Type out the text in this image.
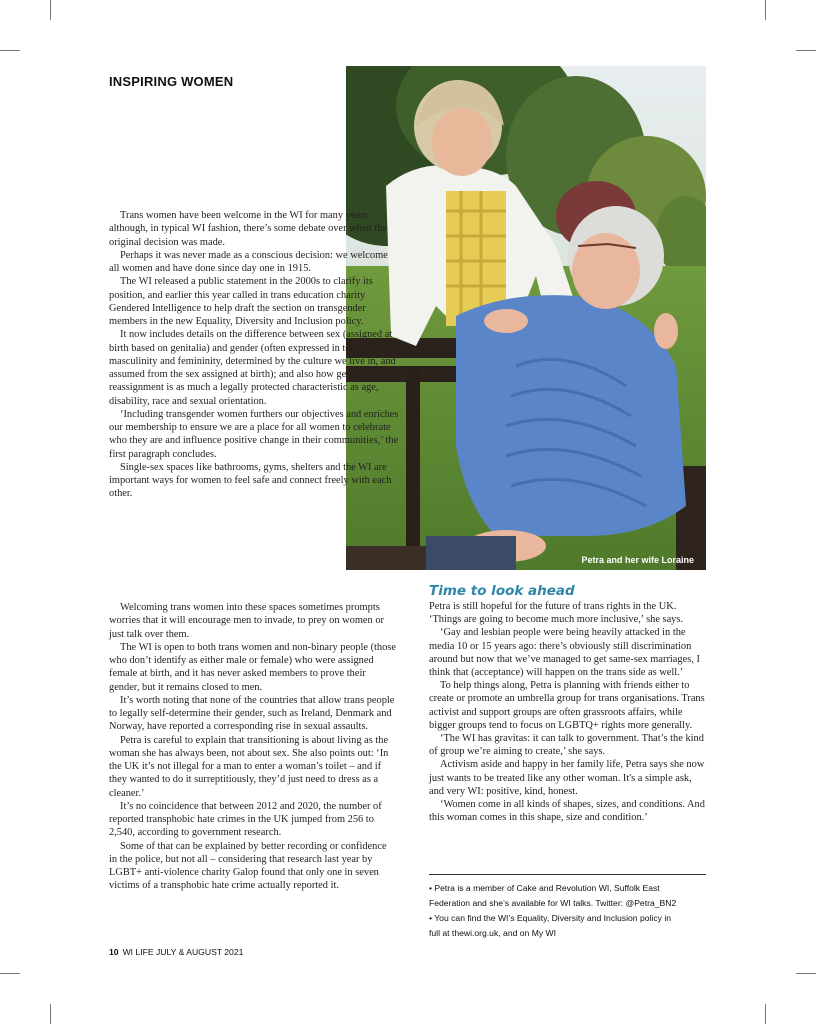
INSPIRING WOMEN
Petra and her wife Loraine

Trans women have been welcome in the WI for many years although, in typical WI fashion, there’s some debate over when the original decision was made.

Perhaps it was never made as a conscious decision: we welcome all women and have done since day one in 1915.

The WI released a public statement in the 2000s to clarify its position, and earlier this year called in trans education charity Gendered Intelligence to help draft the section on transgender members in the new Equality, Diversity and Inclusion policy.

It now includes details on the difference between sex (assigned at birth based on genitalia) and gender (often expressed in terms of masculinity and femininity, determined by the culture we live in, and assumed from the sex assigned at birth); and also how gender reassignment is as much a legally protected characteristic as age, disability, race and sexual orientation.

‘Including transgender women furthers our objectives and enriches our membership to ensure we are a place for all women to celebrate who they are and influence positive change in their communities,’ the first paragraph concludes.

Single-sex spaces like bathrooms, gyms, shelters and the WI are important ways for women to feel safe and connect freely with each other.

Welcoming trans women into these spaces sometimes prompts worries that it will encourage men to invade, to prey on women or just talk over them.

The WI is open to both trans women and non-binary people (those who don’t identify as either male or female) who were assigned female at birth, and it has never asked members to prove their gender, but it remains closed to men.

It’s worth noting that none of the countries that allow trans people to legally self-determine their gender, such as Ireland, Denmark and Norway, have reported a corresponding rise in sexual assaults.

Petra is careful to explain that transitioning is about living as the woman she has always been, not about sex. She also points out: ‘In the UK it’s not illegal for a man to enter a woman’s toilet – and if they wanted to do it surreptitiously, they’d just need to dress as a cleaner.’

It’s no coincidence that between 2012 and 2020, the number of reported transphobic hate crimes in the UK jumped from 256 to 2,540, according to government research.

Some of that can be explained by better recording or confidence in the police, but not all – considering that research last year by LGBT+ anti-violence charity Galop found that only one in seven victims of a transphobic hate crime actually reported it.

Time to look ahead

Petra is still hopeful for the future of trans rights in the UK. ‘Things are going to become much more inclusive,’ she says.

‘Gay and lesbian people were being heavily attacked in the media 10 or 15 years ago: there’s obviously still discrimination around but now that we’ve managed to get same-sex marriages, I think that (acceptance) will happen on the trans side as well.’

To help things along, Petra is planning with friends either to create or promote an umbrella group for trans organisations. Trans activist and support groups are often grassroots affairs, while bigger groups tend to focus on LGBTQ+ rights more generally.

‘The WI has gravitas: it can talk to government. That’s the kind of group we’re aiming to create,’ she says.

Activism aside and happy in her family life, Petra says she now just wants to be treated like any other woman. It's a simple ask, and very WI: positive, kind, honest.

‘Women come in all kinds of shapes, sizes, and conditions. And this woman comes in this shape, size and condition.’

• Petra is a member of Cake and Revolution WI, Suffolk East
Federation and she’s available for WI talks. Twitter: @Petra_BN2
• You can find the WI’s Equality, Diversity and Inclusion policy in
full at thewi.org.uk, and on My WI
10 WI LIFE JULY & AUGUST 2021
